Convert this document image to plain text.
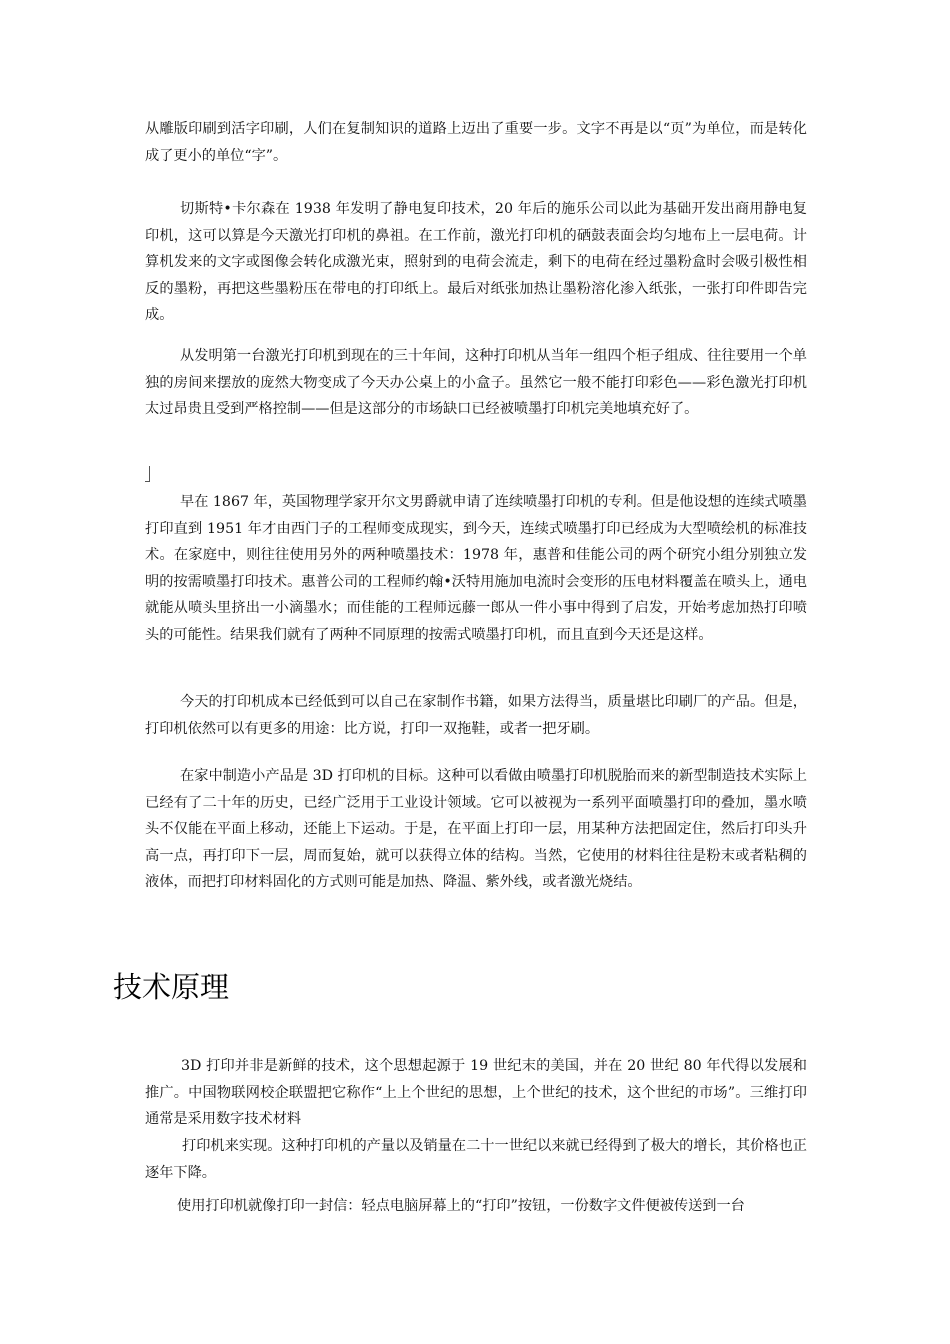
从雕版印刷到活字印刷，人们在复制知识的道路上迈出了重要一步。文字不再是以“页”为单位，而是转化成了更小的单位“字”。

切斯特•卡尔森在 1938 年发明了静电复印技术，20 年后的施乐公司以此为基础开发出商用静电复印机，这可以算是今天激光打印机的鼻祖。在工作前，激光打印机的硒鼓表面会均匀地布上一层电荷。计算机发来的文字或图像会转化成激光束，照射到的电荷会流走，剩下的电荷在经过墨粉盒时会吸引极性相反的墨粉，再把这些墨粉压在带电的打印纸上。最后对纸张加热让墨粉溶化渗入纸张，一张打印件即告完成。

从发明第一台激光打印机到现在的三十年间，这种打印机从当年一组四个柜子组成、往往要用一个单独的房间来摆放的庞然大物变成了今天办公桌上的小盒子。虽然它一般不能打印彩色——彩色激光打印机太过昂贵且受到严格控制——但是这部分的市场缺口已经被喷墨打印机完美地填充好了。

早在 1867 年，英国物理学家开尔文男爵就申请了连续喷墨打印机的专利。但是他设想的连续式喷墨打印直到 1951 年才由西门子的工程师变成现实，到今天，连续式喷墨打印已经成为大型喷绘机的标准技术。在家庭中，则往往使用另外的两种喷墨技术：1978 年，惠普和佳能公司的两个研究小组分别独立发明的按需喷墨打印技术。惠普公司的工程师约翰•沃特用施加电流时会变形的压电材料覆盖在喷头上，通电就能从喷头里挤出一小滴墨水；而佳能的工程师远藤一郎从一件小事中得到了启发，开始考虑加热打印喷头的可能性。结果我们就有了两种不同原理的按需式喷墨打印机，而且直到今天还是这样。

今天的打印机成本已经低到可以自己在家制作书籍，如果方法得当，质量堪比印刷厂的产品。但是，打印机依然可以有更多的用途：比方说，打印一双拖鞋，或者一把牙刷。

在家中制造小产品是 3D 打印机的目标。这种可以看做由喷墨打印机脱胎而来的新型制造技术实际上已经有了二十年的历史，已经广泛用于工业设计领域。它可以被视为一系列平面喷墨打印的叠加，墨水喷头不仅能在平面上移动，还能上下运动。于是，在平面上打印一层，用某种方法把固定住，然后打印头升高一点，再打印下一层，周而复始，就可以获得立体的结构。当然，它使用的材料往往是粉末或者粘稠的液体，而把打印材料固化的方式则可能是加热、降温、紫外线，或者激光烧结。

技术原理

3D 打印并非是新鲜的技术，这个思想起源于 19 世纪末的美国，并在 20 世纪 80 年代得以发展和推广。中国物联网校企联盟把它称作“上上个世纪的思想，上个世纪的技术，这个世纪的市场”。三维打印通常是采用数字技术材料

打印机来实现。这种打印机的产量以及销量在二十一世纪以来就已经得到了极大的增长，其价格也正逐年下降。

使用打印机就像打印一封信：轻点电脑屏幕上的“打印”按钮，一份数字文件便被传送到一台
